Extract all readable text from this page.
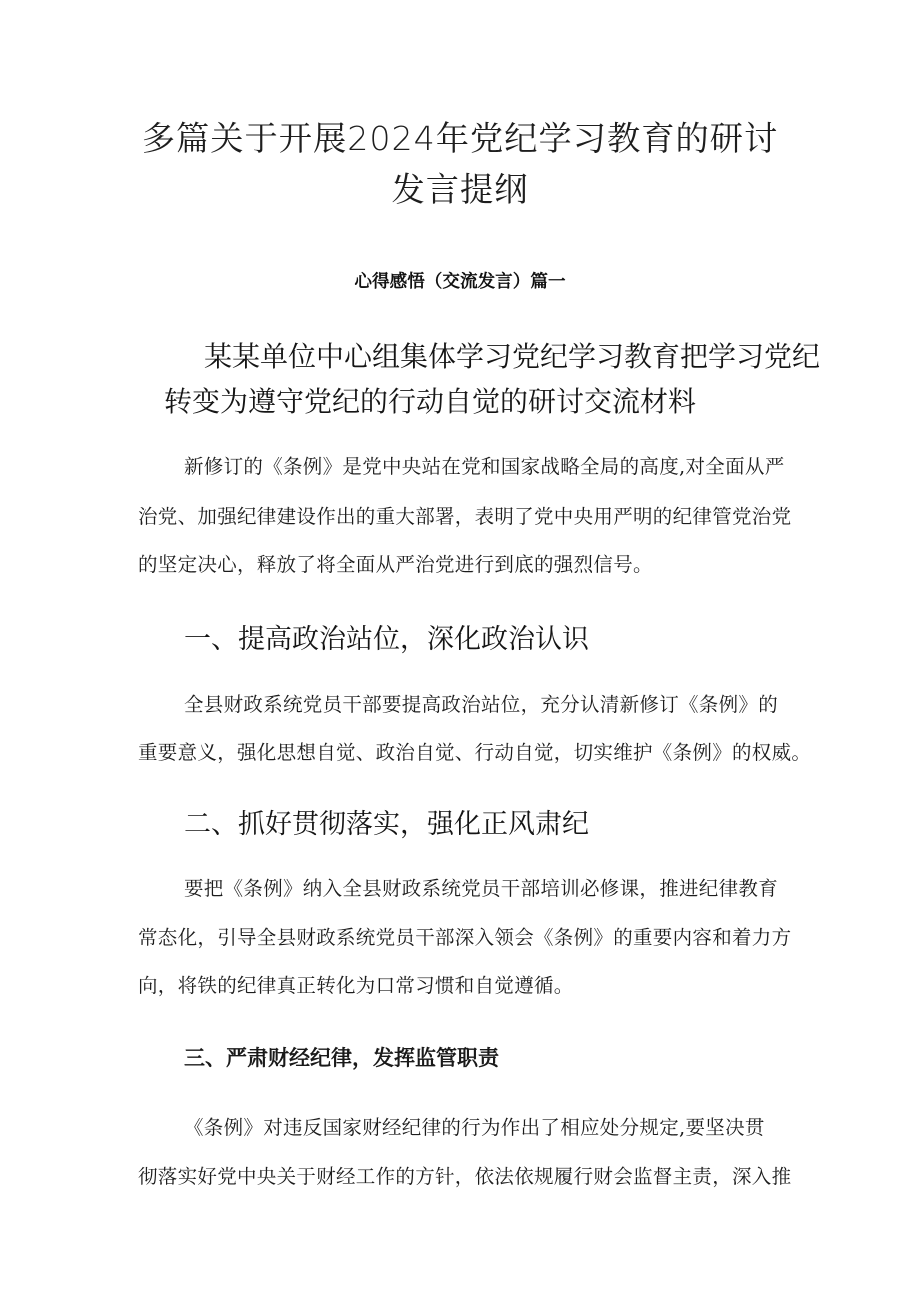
多篇关于开展2024年党纪学习教育的研讨
发言提纲
心得感悟（交流发言）篇一
某某单位中心组集体学习党纪学习教育把学习党纪
转变为遵守党纪的行动自觉的研讨交流材料

新修订的《条例》是党中央站在党和国家战略全局的高度,对全面从严

治党、加强纪律建设作出的重大部署，表明了党中央用严明的纪律管党治党

的坚定决心，释放了将全面从严治党进行到底的强烈信号。

一、提高政治站位，深化政治认识

全县财政系统党员干部要提高政治站位，充分认清新修订《条例》的

重要意义，强化思想自觉、政治自觉、行动自觉，切实维护《条例》的权威。

二、抓好贯彻落实，强化正风肃纪

要把《条例》纳入全县财政系统党员干部培训必修课，推进纪律教育

常态化，引导全县财政系统党员干部深入领会《条例》的重要内容和着力方

向，将铁的纪律真正转化为口常习惯和自觉遵循。

三、严肃财经纪律，发挥监管职责

《条例》对违反国家财经纪律的行为作出了相应处分规定,要坚决贯

彻落实好党中央关于财经工作的方针，依法依规履行财会监督主责，深入推
